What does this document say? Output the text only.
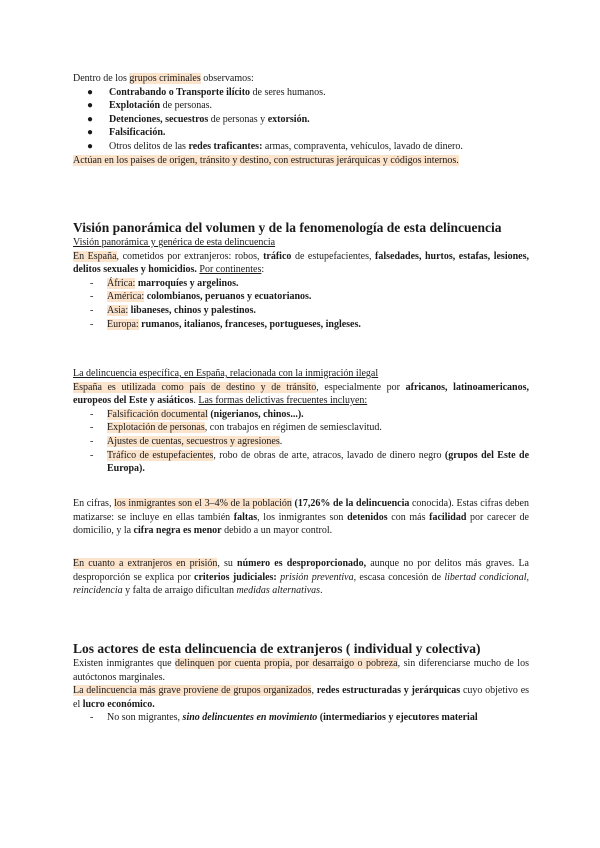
Dentro de los grupos criminales observamos:
● Contrabando o Transporte ilícito de seres humanos.
● Explotación de personas.
● Detenciones, secuestros de personas y extorsión.
● Falsificación.
● Otros delitos de las redes traficantes: armas, compraventa, vehículos, lavado de dinero.
Actúan en los países de origen, tránsito y destino, con estructuras jerárquicas y códigos internos.
Visión panorámica del volumen y de la fenomenología de esta delincuencia
Visión panorámica y genérica de esta delincuencia
En España, cometidos por extranjeros: robos, tráfico de estupefacientes, falsedades, hurtos, estafas, lesiones, delitos sexuales y homicidios. Por continentes:
- África: marroquíes y argelinos.
- América: colombianos, peruanos y ecuatorianos.
- Asia: libaneses, chinos y palestinos.
- Europa: rumanos, italianos, franceses, portugueses, ingleses.
La delincuencia específica, en España, relacionada con la inmigración ilegal
España es utilizada como país de destino y de tránsito, especialmente por africanos, latinoamericanos, europeos del Este y asiáticos. Las formas delictivas frecuentes incluyen:
- Falsificación documental (nigerianos, chinos...).
- Explotación de personas, con trabajos en régimen de semiesclavitud.
- Ajustes de cuentas, secuestros y agresiones.
- Tráfico de estupefacientes, robo de obras de arte, atracos, lavado de dinero negro (grupos del Este de Europa).
En cifras, los inmigrantes son el 3–4% de la población (17,26% de la delincuencia conocida). Estas cifras deben matizarse: se incluye en ellas también faltas, los inmigrantes son detenidos con más facilidad por carecer de domicilio, y la cifra negra es menor debido a un mayor control.
En cuanto a extranjeros en prisión, su número es desproporcionado, aunque no por delitos más graves. La desproporción se explica por criterios judiciales: prisión preventiva, escasa concesión de libertad condicional, reincidencia y falta de arraigo dificultan medidas alternativas.
Los actores de esta delincuencia de extranjeros ( individual y colectiva)
Existen inmigrantes que delinquen por cuenta propia, por desarraigo o pobreza, sin diferenciarse mucho de los autóctonos marginales.
La delincuencia más grave proviene de grupos organizados, redes estructuradas y jerárquicas cuyo objetivo es el lucro económico.
- No son migrantes, sino delincuentes en movimiento (intermediarios y ejecutores material
